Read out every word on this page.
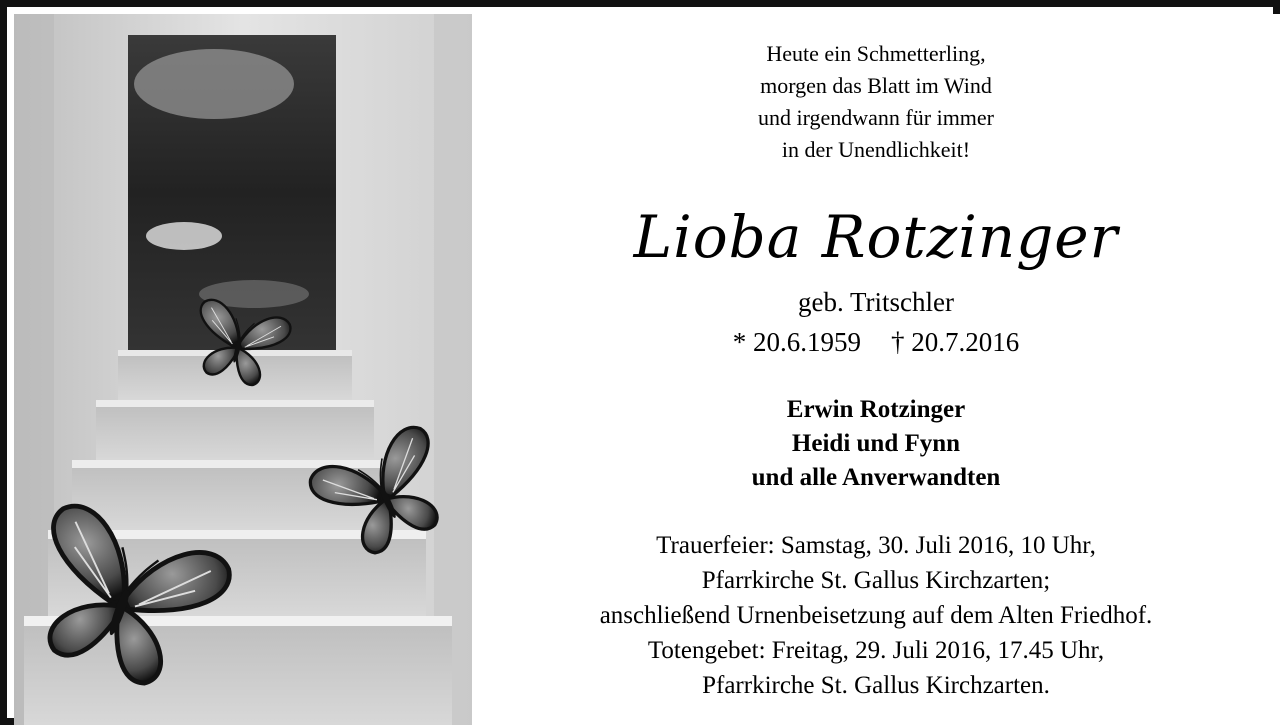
Heute ein Schmetterling,
morgen das Blatt im Wind
und irgendwann für immer
in der Unendlichkeit!
Lioba Rotzinger
geb. Tritschler
* 20.6.1959 † 20.7.2016
Erwin Rotzinger
Heidi und Fynn
und alle Anverwandten
Trauerfeier: Samstag, 30. Juli 2016, 10 Uhr,
Pfarrkirche St. Gallus Kirchzarten;
anschließend Urnenbeisetzung auf dem Alten Friedhof.
Totengebet: Freitag, 29. Juli 2016, 17.45 Uhr,
Pfarrkirche St. Gallus Kirchzarten.
